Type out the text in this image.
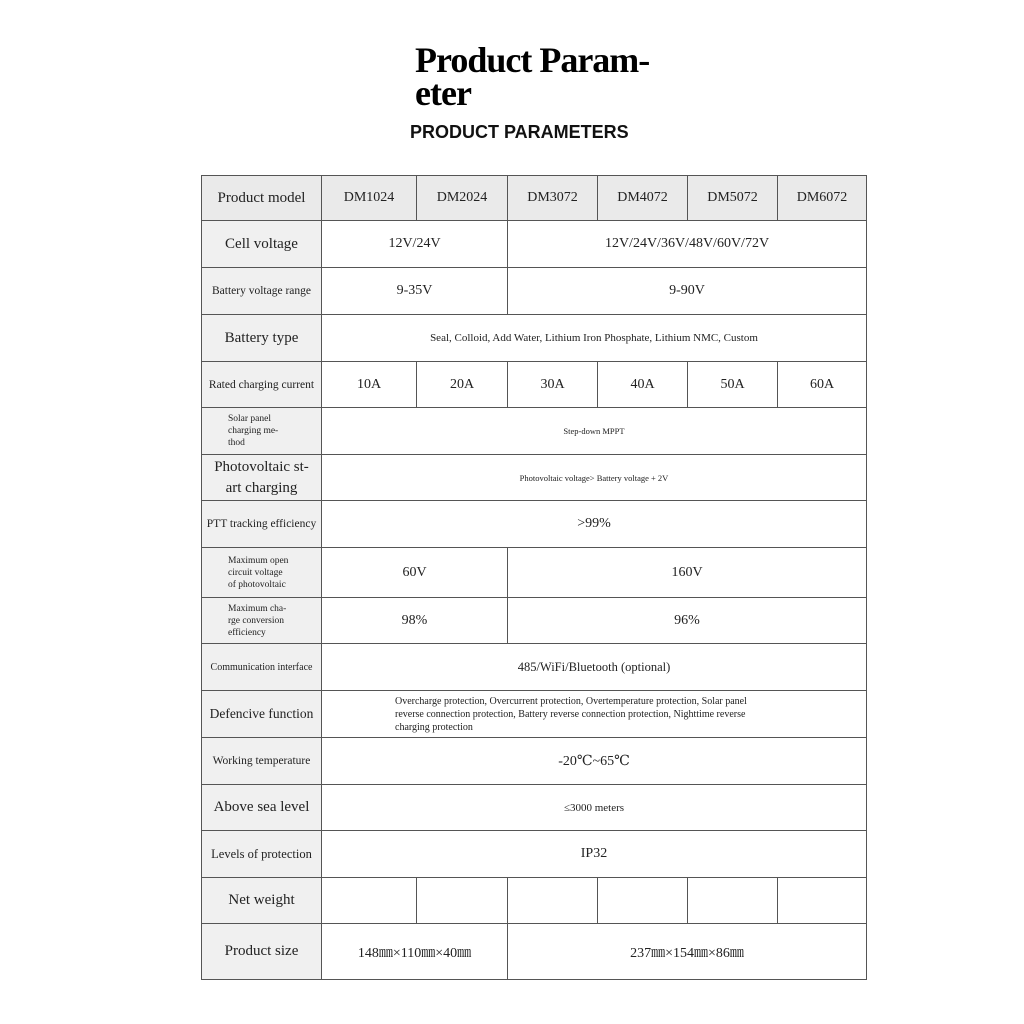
Product Param-
eter
PRODUCT PARAMETERS
Product model	DM1024	DM2024	DM3072	DM4072	DM5072	DM6072
Cell voltage	12V/24V		12V/24V/36V/48V/60V/72V			
Battery voltage range	9-35V		9-90V			
Battery type	Seal, Colloid, Add Water, Lithium Iron Phosphate, Lithium NMC, Custom					
Rated charging current	10A	20A	30A	40A	50A	60A

Solar panel
charging me-
thod	Step-down MPPT					

Photovoltaic st-
art charging	Photovoltaic voltage> Battery voltage + 2V					
PTT tracking efficiency	>99%					

Maximum open
circuit voltage
of photovoltaic	60V		160V			

Maximum cha-
rge conversion
efficiency	98%		96%			
Communication interface	485/WiFi/Bluetooth (optional)					
Defencive function	Overcharge protection, Overcurrent protection, Overtemperature protection, Solar panel
reverse connection protection, Battery reverse connection protection, Nighttime reverse
charging protection					

Working temperature	-20℃~65℃					
Above sea level	≤3000 meters					
Levels of protection	IP32					
Net weight						
Product size	148㎜×110㎜×40㎜		237㎜×154㎜×86㎜			
